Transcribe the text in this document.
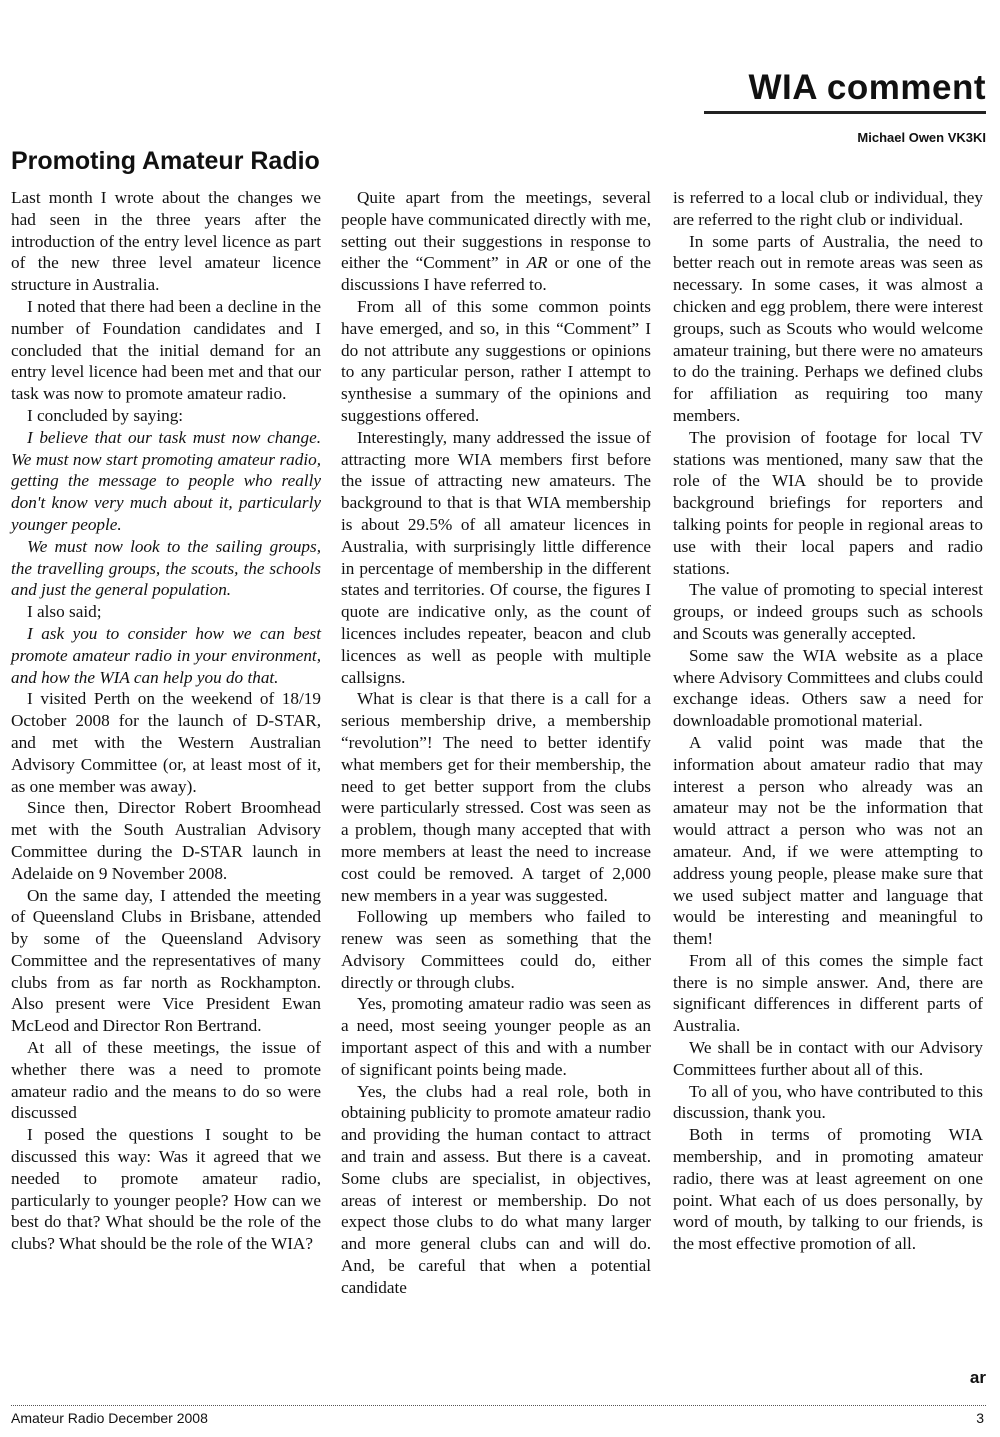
WIA comment
Michael Owen VK3KI
Promoting Amateur Radio

Last month I wrote about the changes we had seen in the three years after the introduction of the entry level licence as part of the new three level amateur licence structure in Australia.

I noted that there had been a decline in the number of Foundation candidates and I concluded that the initial demand for an entry level licence had been met and that our task was now to promote amateur radio.

I concluded by saying:

I believe that our task must now change. We must now start promoting amateur radio, getting the message to people who really don't know very much about it, particularly younger people.

We must now look to the sailing groups, the travelling groups, the scouts, the schools and just the general population.

I also said;

I ask you to consider how we can best promote amateur radio in your environment, and how the WIA can help you do that.

I visited Perth on the weekend of 18/19 October 2008 for the launch of D-STAR, and met with the Western Australian Advisory Committee (or, at least most of it, as one member was away).

Since then, Director Robert Broomhead met with the South Australian Advisory Committee during the D-STAR launch in Adelaide on 9 November 2008.

On the same day, I attended the meeting of Queensland Clubs in Brisbane, attended by some of the Queensland Advisory Committee and the representatives of many clubs from as far north as Rockhampton. Also present were Vice President Ewan McLeod and Director Ron Bertrand.

At all of these meetings, the issue of whether there was a need to promote amateur radio and the means to do so were discussed

I posed the questions I sought to be discussed this way: Was it agreed that we needed to promote amateur radio, particularly to younger people? How can we best do that? What should be the role of the clubs? What should be the role of the WIA?

Quite apart from the meetings, several people have communicated directly with me, setting out their suggestions in response to either the “Comment” in AR or one of the discussions I have referred to.

From all of this some common points have emerged, and so, in this “Comment” I do not attribute any suggestions or opinions to any particular person, rather I attempt to synthesise a summary of the opinions and suggestions offered.

Interestingly, many addressed the issue of attracting more WIA members first before the issue of attracting new amateurs. The background to that is that WIA membership is about 29.5% of all amateur licences in Australia, with surprisingly little difference in percentage of membership in the different states and territories. Of course, the figures I quote are indicative only, as the count of licences includes repeater, beacon and club licences as well as people with multiple callsigns.

What is clear is that there is a call for a serious membership drive, a membership “revolution”! The need to better identify what members get for their membership, the need to get better support from the clubs were particularly stressed. Cost was seen as a problem, though many accepted that with more members at least the need to increase cost could be removed. A target of 2,000 new members in a year was suggested.

Following up members who failed to renew was seen as something that the Advisory Committees could do, either directly or through clubs.

Yes, promoting amateur radio was seen as a need, most seeing younger people as an important aspect of this and with a number of significant points being made.

Yes, the clubs had a real role, both in obtaining publicity to promote amateur radio and providing the human contact to attract and train and assess. But there is a caveat. Some clubs are specialist, in objectives, areas of interest or membership. Do not expect those clubs to do what many larger and more general clubs can and will do. And, be careful that when a potential candidate

is referred to a local club or individual, they are referred to the right club or individual.

In some parts of Australia, the need to better reach out in remote areas was seen as necessary. In some cases, it was almost a chicken and egg problem, there were interest groups, such as Scouts who would welcome amateur training, but there were no amateurs to do the training. Perhaps we defined clubs for affiliation as requiring too many members.

The provision of footage for local TV stations was mentioned, many saw that the role of the WIA should be to provide background briefings for reporters and talking points for people in regional areas to use with their local papers and radio stations.

The value of promoting to special interest groups, or indeed groups such as schools and Scouts was generally accepted.

Some saw the WIA website as a place where Advisory Committees and clubs could exchange ideas. Others saw a need for downloadable promotional material.

A valid point was made that the information about amateur radio that may interest a person who already was an amateur may not be the information that would attract a person who was not an amateur. And, if we were attempting to address young people, please make sure that we used subject matter and language that would be interesting and meaningful to them!

From all of this comes the simple fact there is no simple answer. And, there are significant differences in different parts of Australia.

We shall be in contact with our Advisory Committees further about all of this.

To all of you, who have contributed to this discussion, thank you.

Both in terms of promoting WIA membership, and in promoting amateur radio, there was at least agreement on one point. What each of us does personally, by word of mouth, by talking to our friends, is the most effective promotion of all.

ar
Amateur Radio December 2008	3
